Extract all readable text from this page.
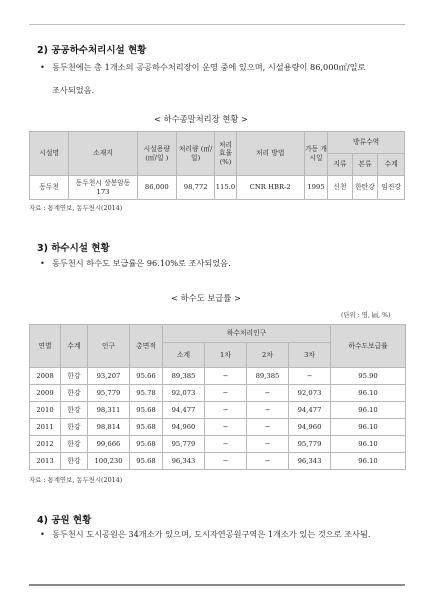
2) 공공하수처리시설 현황
• 동두천에는 총 1개소의 공공하수처리장이 운영 중에 있으며, 시설용량이 86,000㎥/일로
조사되었음.
< 하수종말처리장 현황 >
시설명	소재지	시설용량 (㎥/일 )	처리량 (㎥/일)	처리 효율 (%)	처리 방법	가동 개시일	방류수역		
							지류	본류	수계
동두천	동두천시 상봉암동 173	86,000	98,772	115.0	CNR HBR-2	1995	신천	한탄강	임진강
자료 : 통계연보, 동두천시(2014)
3) 하수시설 현황
• 동두천시 하수도 보급률은 96.10%로 조사되었음.
< 하수도 보급률 >
(단위 : 명, ㎢, %)
연별	수계	인구	총면적	하수처리인구				하수도보급률
				소계	1차	2차	3차	
2008	한강	93,207	95.66	89,385	−	89,385	−	95.90
2009	한강	95,779	95.78	92,073	−	−	92,073	96.10
2010	한강	98,311	95.68	94,477	−	−	94,477	96.10
2011	한강	98,814	95.68	94,960	−	−	94,960	96.10
2012	한강	99,666	95.68	95,779	−	−	95,779	96.10
2013	한강	100,230	95.68	96,343	−	−	96,343	96.10
자료 : 통계연보, 동두천시(2014)
4) 공원 현황
• 동두천시 도시공원은 34개소가 있으며, 도시자연공원구역은 1개소가 있는 것으로 조사됨.
